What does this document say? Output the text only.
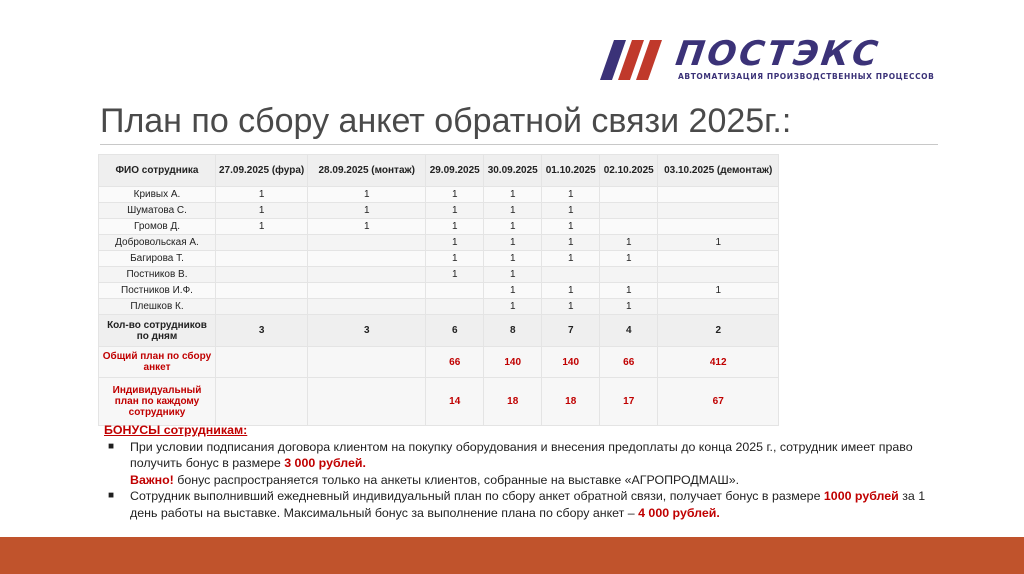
ПОСТЭКС
АВТОМАТИЗАЦИЯ ПРОИЗВОДСТВЕННЫХ ПРОЦЕССОВ
План по сбору анкет обратной связи 2025г.:
ФИО сотрудника	27.09.2025 (фура)	28.09.2025 (монтаж)	29.09.2025	30.09.2025	01.10.2025	02.10.2025	03.10.2025 (демонтаж)
Кривых А.	1	1	1	1	1		
Шуматова С.	1	1	1	1	1		
Громов Д.	1	1	1	1	1		
Добровольская А.			1	1	1	1	1
Багирова Т.			1	1	1	1	
Постников В.			1	1			
Постников И.Ф.				1	1	1	1
Плешков К.				1	1	1	
Кол-во сотрудников по дням	3	3	6	8	7	4	2
Общий план по сбору анкет			66	140	140	66	412
Индивидуальный план по каждому сотруднику			14	18	18	17	67
БОНУСЫ сотрудникам:
■ При условии подписания договора клиентом на покупку оборудования и внесения предоплаты до конца 2025 г., сотрудник имеет право получить бонус в размере 3 000 рублей.
Важно! бонус распространяется только на анкеты клиентов, собранные на выставке «АГРОПРОДМАШ».
■ Сотрудник выполнивший ежедневный индивидуальный план по сбору анкет обратной связи, получает бонус в размере 1000 рублей за 1 день работы на выставке. Максимальный бонус за выполнение плана по сбору анкет – 4 000 рублей.
